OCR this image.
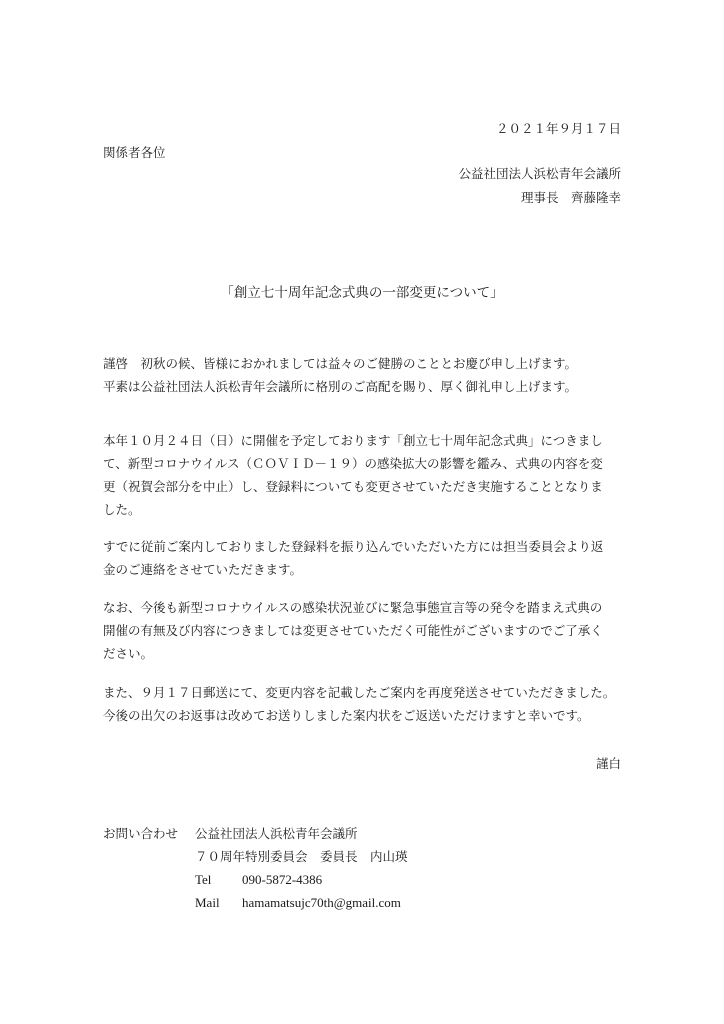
２０２１年９月１７日
関係者各位
公益社団法人浜松青年会議所
理事長　齊藤隆幸
「創立七十周年記念式典の一部変更について」
謹啓　初秋の候、皆様におかれましては益々のご健勝のこととお慶び申し上げます。
平素は公益社団法人浜松青年会議所に格別のご高配を賜り、厚く御礼申し上げます。
本年１０月２４日（日）に開催を予定しております「創立七十周年記念式典」につきまし
て、新型コロナウイルス（ＣＯＶＩＤ－１９）の感染拡大の影響を鑑み、式典の内容を変
更（祝賀会部分を中止）し、登録料についても変更させていただき実施することとなりま
した。
すでに従前ご案内しておりました登録料を振り込んでいただいた方には担当委員会より返
金のご連絡をさせていただきます。
なお、今後も新型コロナウイルスの感染状況並びに緊急事態宣言等の発令を踏まえ式典の
開催の有無及び内容につきましては変更させていただく可能性がございますのでご了承く
ださい。
また、９月１７日郵送にて、変更内容を記載したご案内を再度発送させていただきました。
今後の出欠のお返事は改めてお送りしました案内状をご返送いただけますと幸いです。
謹白
お問い合わせ 公益社団法人浜松青年会議所
７０周年特別委員会　委員長　内山瑛
Tel 090-5872-4386
Mail hamamatsujc70th@gmail.com
